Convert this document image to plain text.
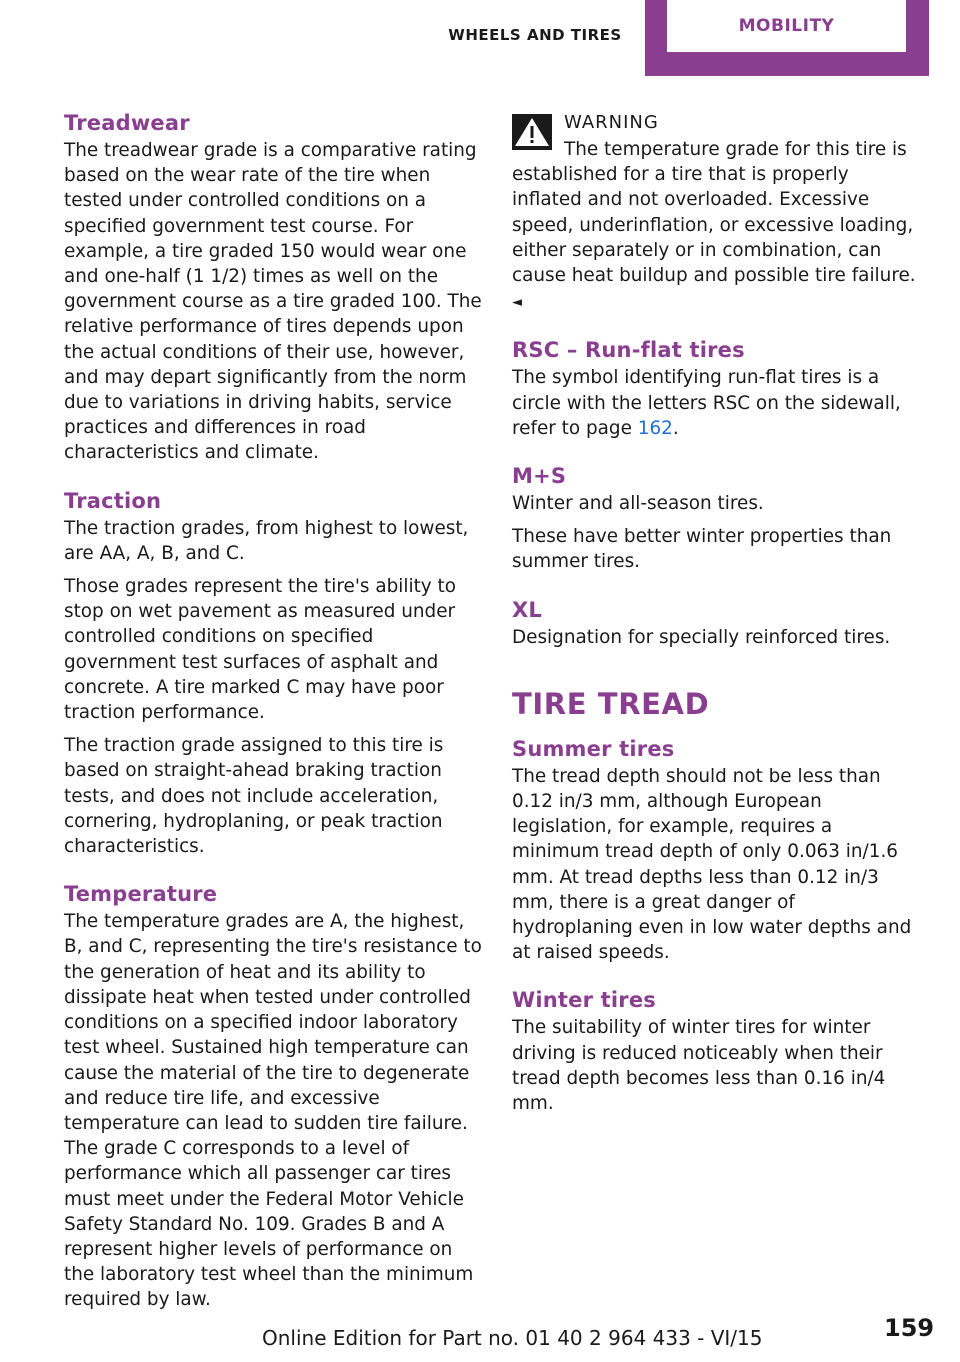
WHEELS AND TIRES	MOBILITY
Treadwear

The treadwear grade is a comparative rating based on the wear rate of the tire when tested under controlled conditions on a specified government test course. For example, a tire graded 150 would wear one and one-half (1 1/2) times as well on the government course as a tire graded 100. The relative performance of tires depends upon the actual conditions of their use, however, and may depart significantly from the norm due to variations in driving habits, service practices and differences in road characteristics and climate.

Traction

The traction grades, from highest to lowest, are AA, A, B, and C.

Those grades represent the tire's ability to stop on wet pavement as measured under controlled conditions on specified government test surfaces of asphalt and concrete. A tire marked C may have poor traction performance.

The traction grade assigned to this tire is based on straight-ahead braking traction tests, and does not include acceleration, cornering, hydroplaning, or peak traction characteristics.

Temperature

The temperature grades are A, the highest, B, and C, representing the tire's resistance to the generation of heat and its ability to dissipate heat when tested under controlled conditions on a specified indoor laboratory test wheel. Sustained high temperature can cause the material of the tire to degenerate and reduce tire life, and excessive temperature can lead to sudden tire failure. The grade C corresponds to a level of performance which all passenger car tires must meet under the Federal Motor Vehicle Safety Standard No. 109. Grades B and A represent higher levels of performance on the laboratory test wheel than the minimum required by law.

WARNING

The temperature grade for this tire is established for a tire that is properly inflated and not overloaded. Excessive speed, underinflation, or excessive loading, either separately or in combination, can cause heat buildup and possible tire failure. ◄

RSC – Run-flat tires

The symbol identifying run-flat tires is a circle with the letters RSC on the sidewall, refer to page 162.

M+S

Winter and all-season tires.

These have better winter properties than summer tires.

XL

Designation for specially reinforced tires.

TIRE TREAD
Summer tires

The tread depth should not be less than 0.12 in/3 mm, although European legislation, for example, requires a minimum tread depth of only 0.063 in/1.6 mm. At tread depths less than 0.12 in/3 mm, there is a great danger of hydroplaning even in low water depths and at raised speeds.

Winter tires

The suitability of winter tires for winter driving is reduced noticeably when their tread depth becomes less than 0.16 in/4 mm.

Online Edition for Part no. 01 40 2 964 433 - VI/15	159
